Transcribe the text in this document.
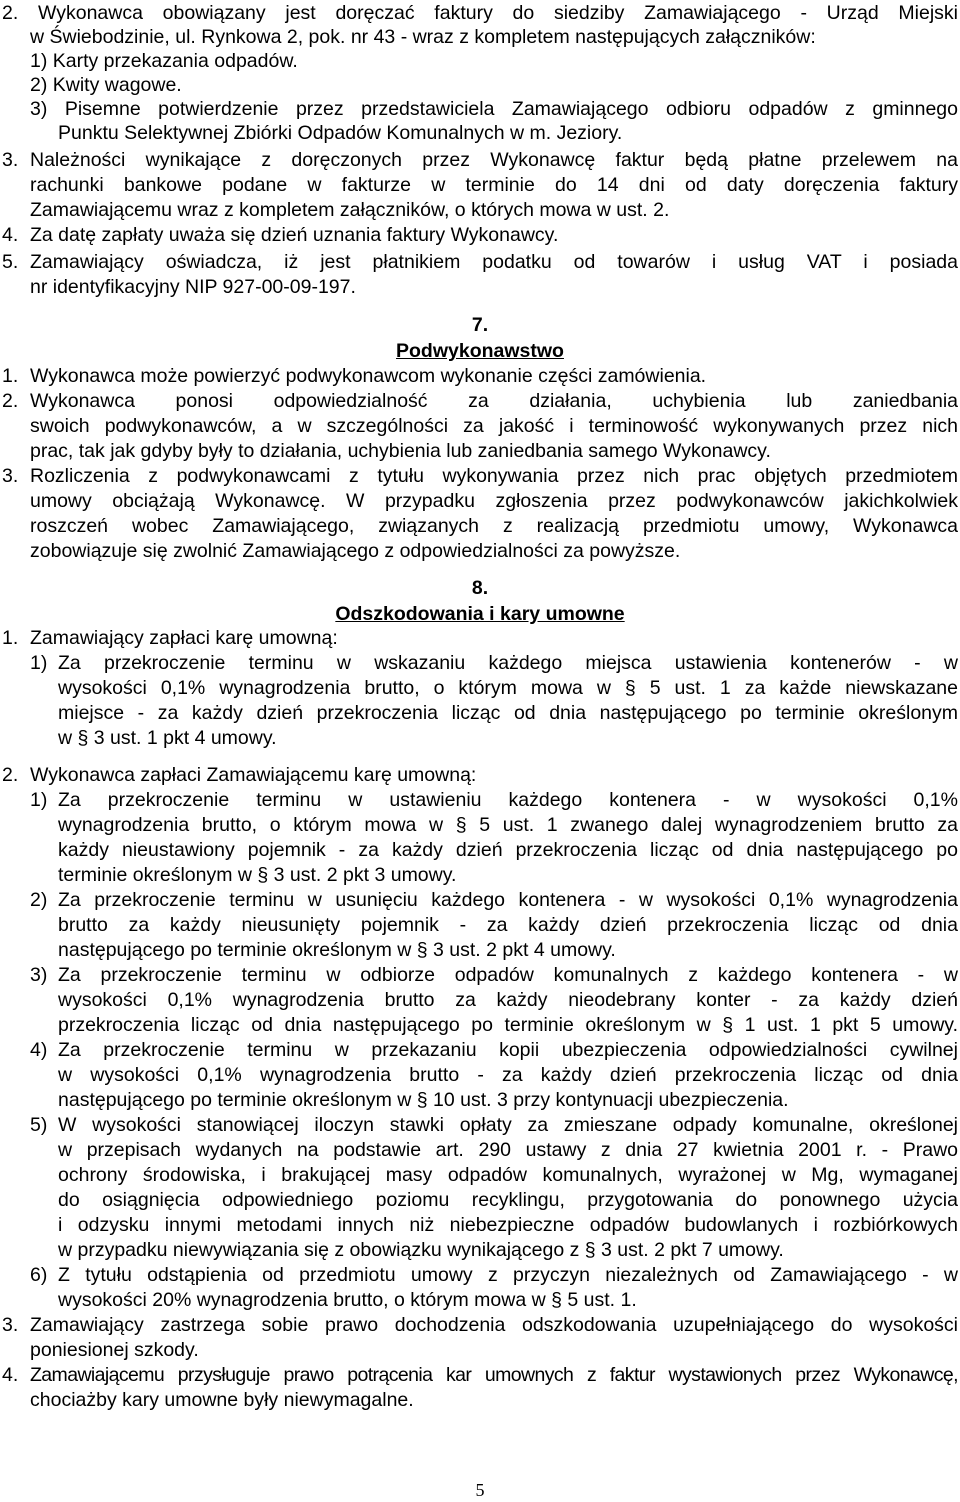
2. Wykonawca obowiązany jest doręczać faktury do siedziby Zamawiającego - Urząd Miejski
w Świebodzinie, ul. Rynkowa 2, pok. nr 43 - wraz z kompletem następujących załączników:
1) Karty przekazania odpadów.
2) Kwity wagowe.
3) Pisemne potwierdzenie przez przedstawiciela Zamawiającego odbioru odpadów z gminnego
Punktu Selektywnej Zbiórki Odpadów Komunalnych w m. Jeziory.
3. Należności wynikające z doręczonych przez Wykonawcę faktur będą płatne przelewem na
rachunki bankowe podane w fakturze w terminie do 14 dni od daty doręczenia faktury
Zamawiającemu wraz z kompletem załączników, o których mowa w ust. 2.
4. Za datę zapłaty uważa się dzień uznania faktury Wykonawcy.
5. Zamawiający oświadcza, iż jest płatnikiem podatku od towarów i usług VAT i posiada
nr identyfikacyjny NIP 927-00-09-197.
7.
Podwykonawstwo
1. Wykonawca może powierzyć podwykonawcom wykonanie części zamówienia.
2. Wykonawca ponosi odpowiedzialność za działania, uchybienia lub zaniedbania
swoich podwykonawców, a w szczególności za jakość i terminowość wykonywanych przez nich
prac, tak jak gdyby były to działania, uchybienia lub zaniedbania samego Wykonawcy.
3. Rozliczenia z podwykonawcami z tytułu wykonywania przez nich prac objętych przedmiotem
umowy obciążają Wykonawcę. W przypadku zgłoszenia przez podwykonawców jakichkolwiek
roszczeń wobec Zamawiającego, związanych z realizacją przedmiotu umowy, Wykonawca
zobowiązuje się zwolnić Zamawiającego z odpowiedzialności za powyższe.
8.
Odszkodowania i kary umowne
1. Zamawiający zapłaci karę umowną:
1) Za przekroczenie terminu w wskazaniu każdego miejsca ustawienia kontenerów - w
wysokości 0,1% wynagrodzenia brutto, o którym mowa w § 5 ust. 1 za każde niewskazane
miejsce - za każdy dzień przekroczenia licząc od dnia następującego po terminie określonym
w § 3 ust. 1 pkt 4 umowy.
2. Wykonawca zapłaci Zamawiającemu karę umowną:
1) Za przekroczenie terminu w ustawieniu każdego kontenera - w wysokości 0,1%
wynagrodzenia brutto, o którym mowa w § 5 ust. 1 zwanego dalej wynagrodzeniem brutto za
każdy nieustawiony pojemnik - za każdy dzień przekroczenia licząc od dnia następującego po
terminie określonym w § 3 ust. 2 pkt 3 umowy.
2) Za przekroczenie terminu w usunięciu każdego kontenera - w wysokości 0,1% wynagrodzenia
brutto za każdy nieusunięty pojemnik - za każdy dzień przekroczenia licząc od dnia
następującego po terminie określonym w § 3 ust. 2 pkt 4 umowy.
3) Za przekroczenie terminu w odbiorze odpadów komunalnych z każdego kontenera - w
wysokości 0,1% wynagrodzenia brutto za każdy nieodebrany konter - za każdy dzień
przekroczenia licząc od dnia następującego po terminie określonym w § 1 ust. 1 pkt 5 umowy.
4) Za przekroczenie terminu w przekazaniu kopii ubezpieczenia odpowiedzialności cywilnej
w wysokości 0,1% wynagrodzenia brutto - za każdy dzień przekroczenia licząc od dnia
następującego po terminie określonym w § 10 ust. 3 przy kontynuacji ubezpieczenia.
5) W wysokości stanowiącej iloczyn stawki opłaty za zmieszane odpady komunalne, określonej
w przepisach wydanych na podstawie art. 290 ustawy z dnia 27 kwietnia 2001 r. - Prawo
ochrony środowiska, i brakującej masy odpadów komunalnych, wyrażonej w Mg, wymaganej
do osiągnięcia odpowiedniego poziomu recyklingu, przygotowania do ponownego użycia
i odzysku innymi metodami innych niż niebezpieczne odpadów budowlanych i rozbiórkowych
w przypadku niewywiązania się z obowiązku wynikającego z § 3 ust. 2 pkt 7 umowy.
6) Z tytułu odstąpienia od przedmiotu umowy z przyczyn niezależnych od Zamawiającego - w
wysokości 20% wynagrodzenia brutto, o którym mowa w § 5 ust. 1.
3. Zamawiający zastrzega sobie prawo dochodzenia odszkodowania uzupełniającego do wysokości
poniesionej szkody.
4. Zamawiającemu przysługuje prawo potrącenia kar umownych z faktur wystawionych przez Wykonawcę,
chociażby kary umowne były niewymagalne.
5
